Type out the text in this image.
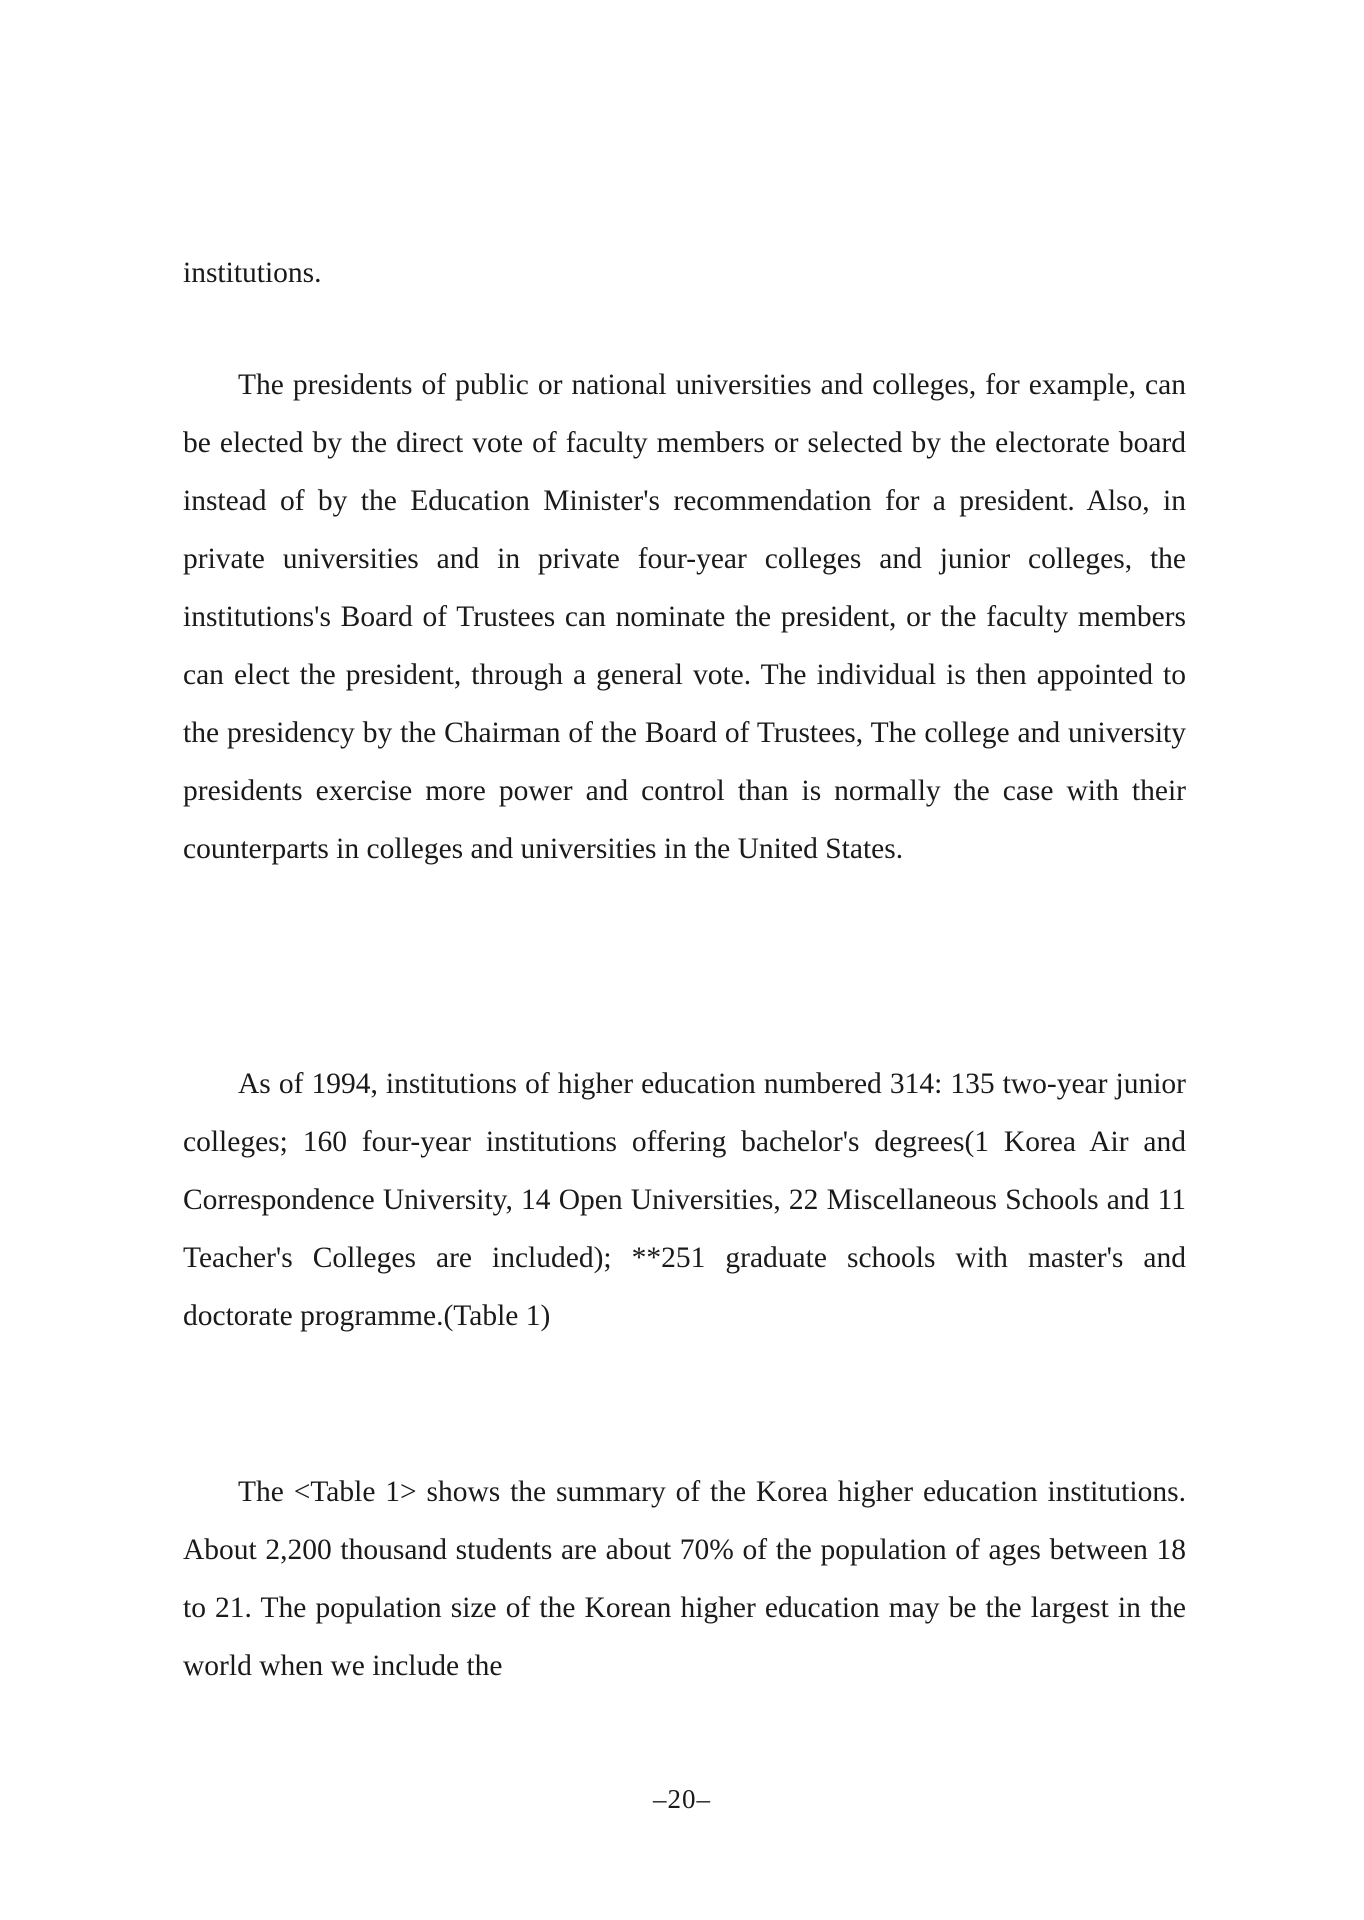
institutions.

The presidents of public or national universities and colleges, for example, can be elected by the direct vote of faculty members or selected by the electorate board instead of by the Education Minister's recommendation for a president. Also, in private universities and in private four-year colleges and junior colleges, the institutions's Board of Trustees can nominate the president, or the faculty members can elect the president, through a general vote. The individual is then appointed to the presidency by the Chairman of the Board of Trustees, The college and university presidents exercise more power and control than is normally the case with their counterparts in colleges and universities in the United States.

As of 1994, institutions of higher education numbered 314: 135 two-year junior colleges; 160 four-year institutions offering bachelor's degrees(1 Korea Air and Correspondence University, 14 Open Universities, 22 Miscellaneous Schools and 11 Teacher's Colleges are included); **251 graduate schools with master's and doctorate programme.(Table 1)

The <Table 1> shows the summary of the Korea higher education institutions. About 2,200 thousand students are about 70% of the population of ages between 18 to 21. The population size of the Korean higher education may be the largest in the world when we include the

–20–
